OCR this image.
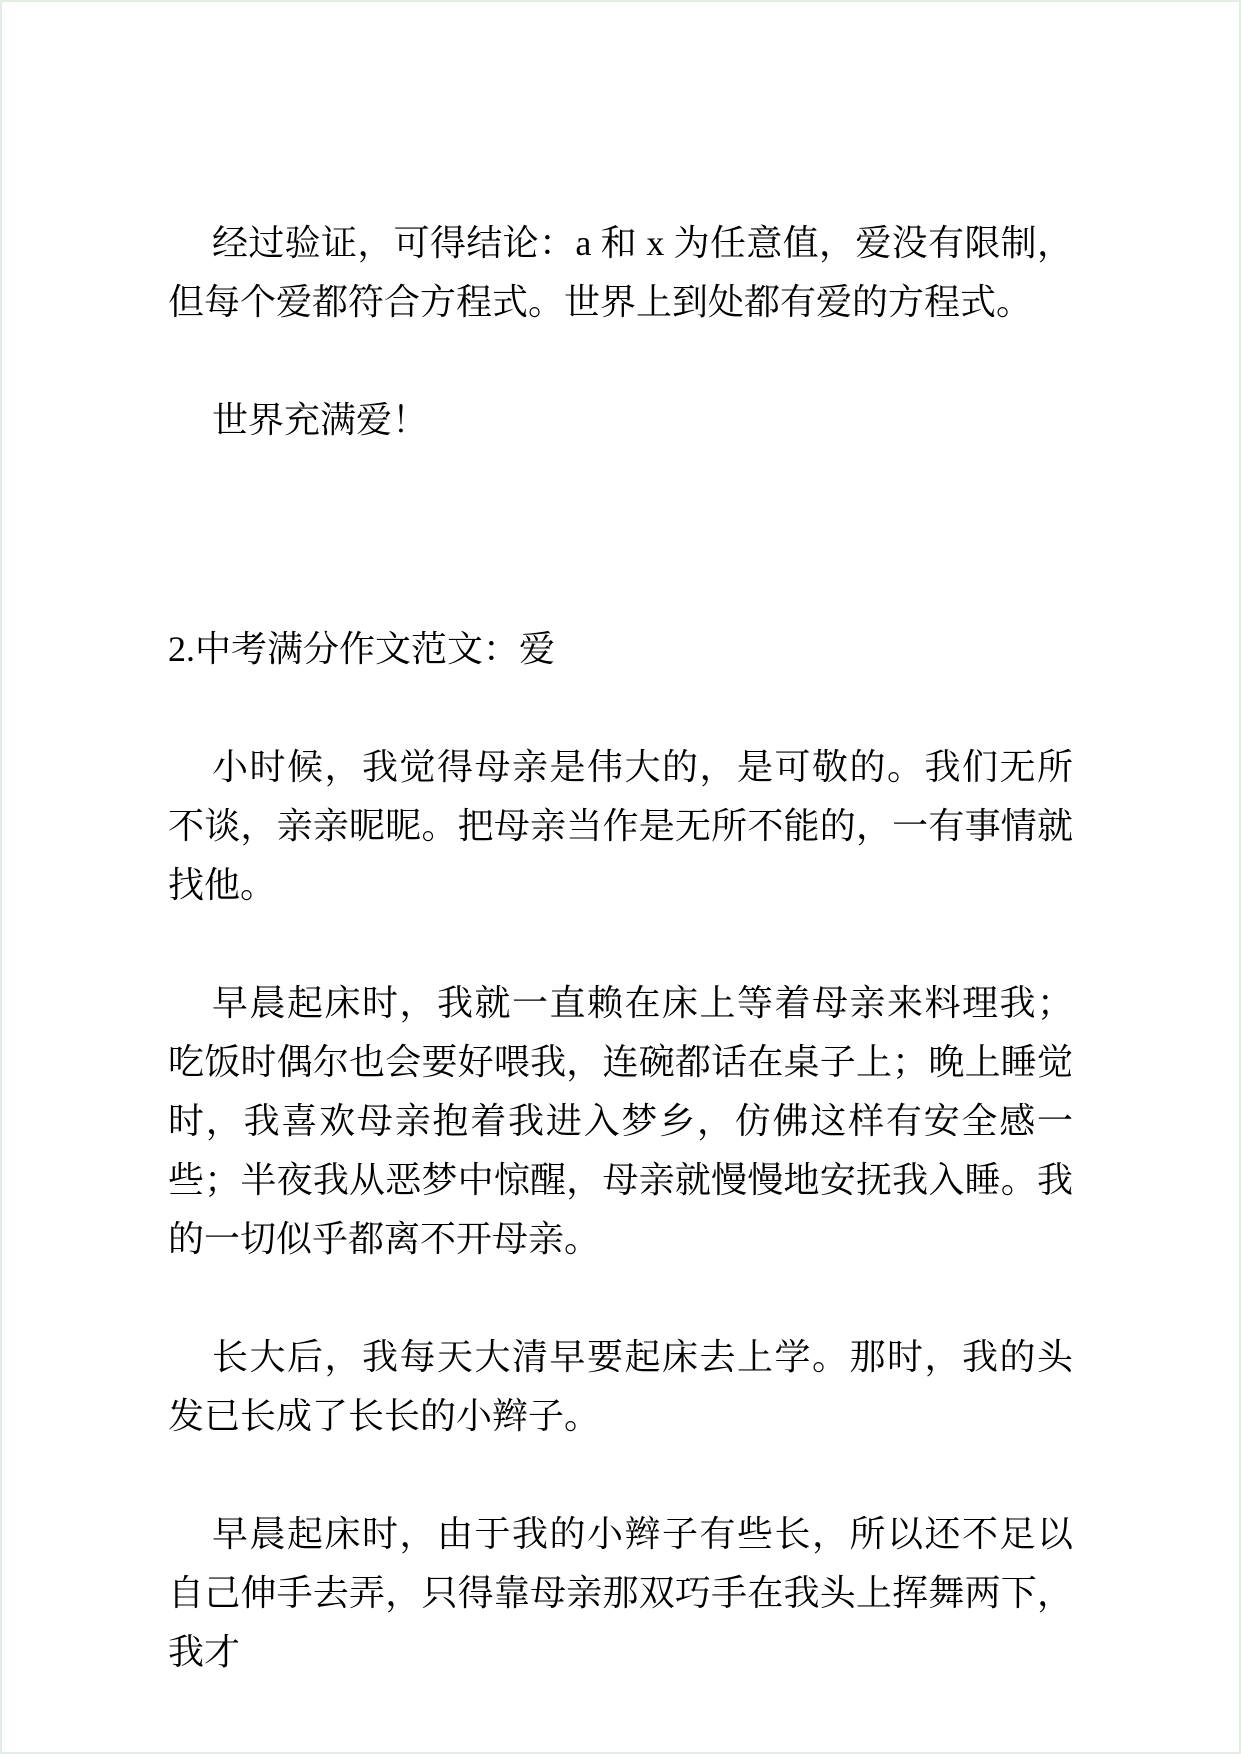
经过验证，可得结论：a 和 x 为任意值，爱没有限制，但每个爱都符合方程式。世界上到处都有爱的方程式。

世界充满爱！

2.中考满分作文范文：爱

小时候，我觉得母亲是伟大的，是可敬的。我们无所不谈，亲亲昵昵。把母亲当作是无所不能的，一有事情就找他。

早晨起床时，我就一直赖在床上等着母亲来料理我；吃饭时偶尔也会要好喂我，连碗都话在桌子上；晚上睡觉时，我喜欢母亲抱着我进入梦乡，仿佛这样有安全感一些；半夜我从恶梦中惊醒，母亲就慢慢地安抚我入睡。我的一切似乎都离不开母亲。

长大后，我每天大清早要起床去上学。那时，我的头发已长成了长长的小辫子。

早晨起床时，由于我的小辫子有些长，所以还不足以自己伸手去弄，只得靠母亲那双巧手在我头上挥舞两下，我才
